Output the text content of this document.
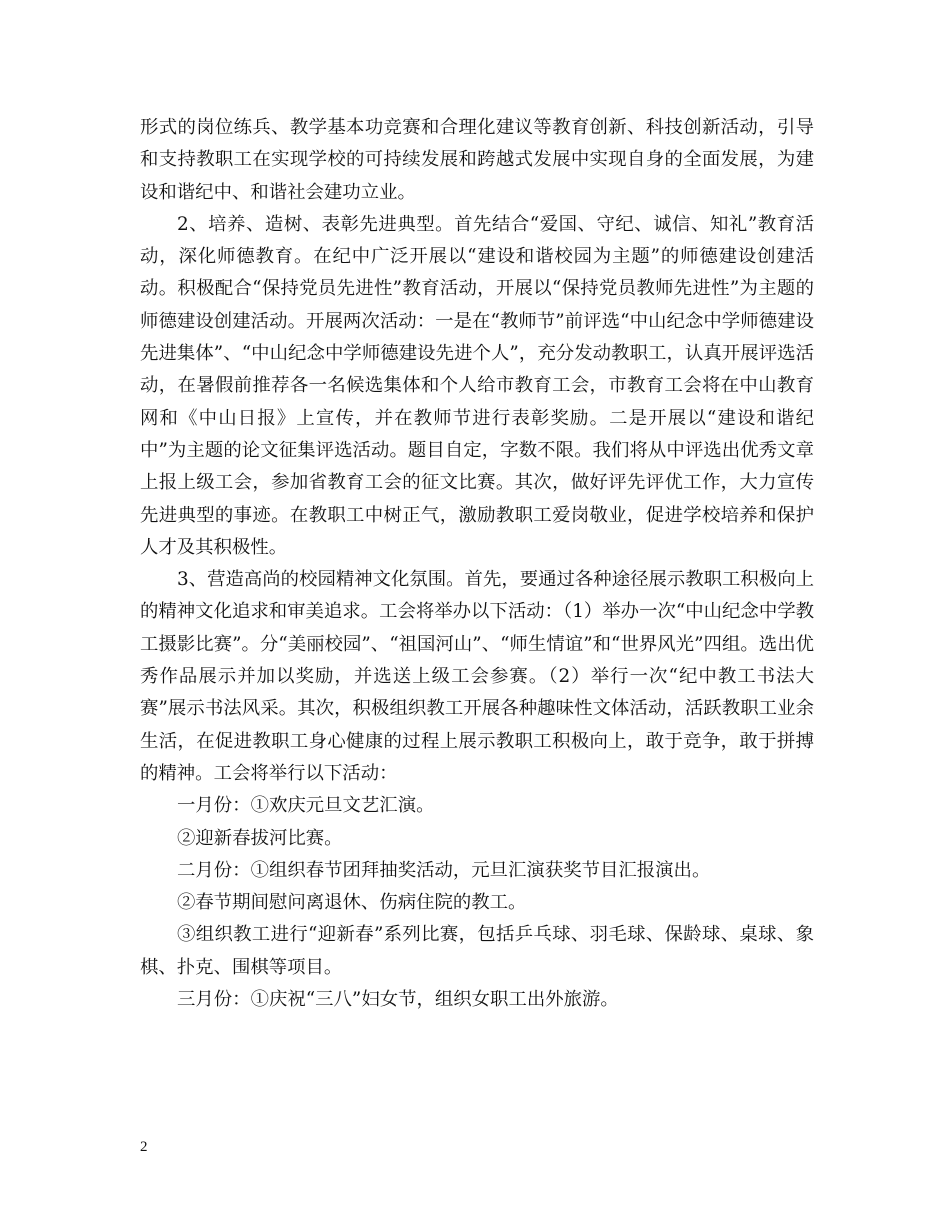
形式的岗位练兵、教学基本功竞赛和合理化建议等教育创新、科技创新活动，引导和支持教职工在实现学校的可持续发展和跨越式发展中实现自身的全面发展，为建设和谐纪中、和谐社会建功立业。

2、培养、造树、表彰先进典型。首先结合“爱国、守纪、诚信、知礼”教育活动，深化师德教育。在纪中广泛开展以“建设和谐校园为主题”的师德建设创建活动。积极配合“保持党员先进性”教育活动，开展以“保持党员教师先进性”为主题的师德建设创建活动。开展两次活动：一是在“教师节”前评选“中山纪念中学师德建设先进集体”、“中山纪念中学师德建设先进个人”，充分发动教职工，认真开展评选活动，在暑假前推荐各一名候选集体和个人给市教育工会，市教育工会将在中山教育网和《中山日报》上宣传，并在教师节进行表彰奖励。二是开展以“建设和谐纪中”为主题的论文征集评选活动。题目自定，字数不限。我们将从中评选出优秀文章上报上级工会，参加省教育工会的征文比赛。其次，做好评先评优工作，大力宣传先进典型的事迹。在教职工中树正气，激励教职工爱岗敬业，促进学校培养和保护人才及其积极性。

3、营造高尚的校园精神文化氛围。首先，要通过各种途径展示教职工积极向上的精神文化追求和审美追求。工会将举办以下活动：（1）举办一次“中山纪念中学教工摄影比赛”。分“美丽校园”、“祖国河山”、“师生情谊”和“世界风光”四组。选出优秀作品展示并加以奖励，并选送上级工会参赛。（2）举行一次“纪中教工书法大赛”展示书法风采。其次，积极组织教工开展各种趣味性文体活动，活跃教职工业余生活，在促进教职工身心健康的过程上展示教职工积极向上，敢于竞争，敢于拼搏的精神。工会将举行以下活动：

一月份：①欢庆元旦文艺汇演。

②迎新春拔河比赛。

二月份：①组织春节团拜抽奖活动，元旦汇演获奖节目汇报演出。

②春节期间慰问离退休、伤病住院的教工。

③组织教工进行“迎新春”系列比赛，包括乒乓球、羽毛球、保龄球、桌球、象棋、扑克、围棋等项目。

三月份：①庆祝“三八”妇女节，组织女职工出外旅游。

2
